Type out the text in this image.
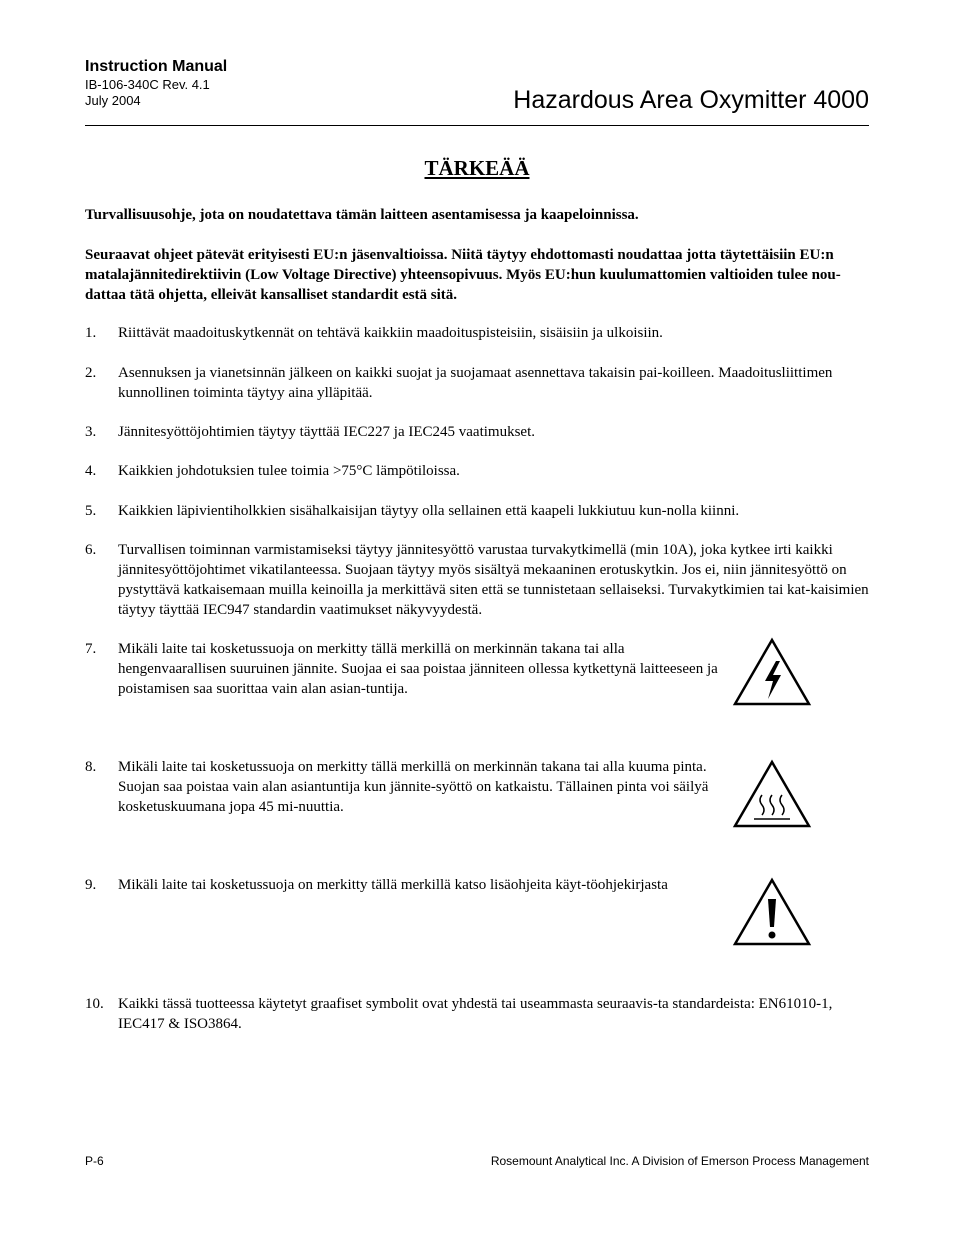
Instruction Manual
IB-106-340C Rev. 4.1
July 2004	Hazardous Area Oxymitter 4000
TÄRKEÄÄ

Turvallisuusohje, jota on noudatettava tämän laitteen asentamisessa ja kaapeloinnissa.

Seuraavat ohjeet pätevät erityisesti EU:n jäsenvaltioissa. Niitä täytyy ehdottomasti noudattaa jotta täytettäisiin EU:n matalajännitedirektiivin (Low Voltage Directive) yhteensopivuus. Myös EU:hun kuulumattomien valtioiden tulee nou-dattaa tätä ohjetta, elleivät kansalliset standardit estä sitä.

1. Riittävät maadoituskytkennät on tehtävä kaikkiin maadoituspisteisiin, sisäisiin ja ulkoisiin.
2. Asennuksen ja vianetsinnän jälkeen on kaikki suojat ja suojamaat asennettava takaisin pai-koilleen. Maadoitusliittimen kunnollinen toiminta täytyy aina ylläpitää.
3. Jännitesyöttöjohtimien täytyy täyttää IEC227 ja IEC245 vaatimukset.
4. Kaikkien johdotuksien tulee toimia >75°C lämpötiloissa.
5. Kaikkien läpivientiholkkien sisähalkaisijan täytyy olla sellainen että kaapeli lukkiutuu kun-nolla kiinni.
6. Turvallisen toiminnan varmistamiseksi täytyy jännitesyöttö varustaa turvakytkimellä (min 10A), joka kytkee irti kaikki jännitesyöttöjohtimet vikatilanteessa. Suojaan täytyy myös sisältyä mekaaninen erotuskytkin. Jos ei, niin jännitesyöttö on pystyttävä katkaisemaan muilla keinoilla ja merkittävä siten että se tunnistetaan sellaiseksi. Turvakytkimien tai kat-kaisimien täytyy täyttää IEC947 standardin vaatimukset näkyvyydestä.
7. Mikäli laite tai kosketussuoja on merkitty tällä merkillä on merkinnän takana tai alla hengenvaarallisen suuruinen jännite. Suojaa ei saa poistaa jänniteen ollessa kytkettynä laitteeseen ja poistamisen saa suorittaa vain alan asian-tuntija.
8. Mikäli laite tai kosketussuoja on merkitty tällä merkillä on merkinnän takana tai alla kuuma pinta. Suojan saa poistaa vain alan asiantuntija kun jännite-syöttö on katkaistu. Tällainen pinta voi säilyä kosketuskuumana jopa 45 mi-nuuttia.
9. Mikäli laite tai kosketussuoja on merkitty tällä merkillä katso lisäohjeita käyt-töohjekirjasta
10. Kaikki tässä tuotteessa käytetyt graafiset symbolit ovat yhdestä tai useammasta seuraavis-ta standardeista: EN61010-1, IEC417 & ISO3864.
P-6	Rosemount Analytical Inc. A Division of Emerson Process Management
